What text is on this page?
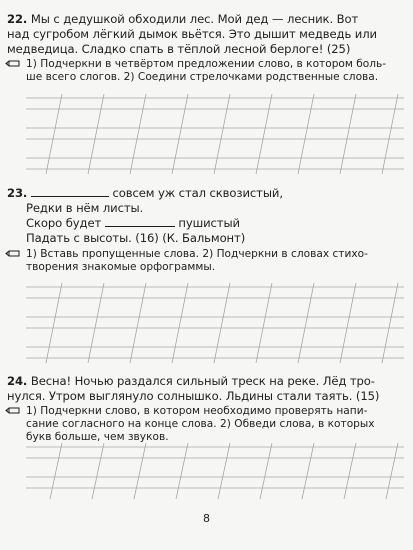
22. Мы с дедушкой обходили лес. Мой дед — лесник. Вот
над сугробом лёгкий дымок вьётся. Это дышит медведь или
медведица. Сладко спать в тёплой лесной берлоге! (25)
1) Подчеркни в четвёртом предложении слово, в котором боль-
ше всего слогов. 2) Соедини стрелочками родственные слова.
23.	совсем уж стал сквозистый,
Редки в нём листы.
Скоро будет	пушистый
Падать с высоты. (16) (К. Бальмонт)
1) Вставь пропущенные слова. 2) Подчеркни в словах стихо-
творения знакомые орфограммы.
24. Весна! Ночью раздался сильный треск на реке. Лёд тро-
нулся. Утром выглянуло солнышко. Льдины стали таять. (15)
1) Подчеркни слово, в котором необходимо проверять напи-
сание согласного на конце слова. 2) Обведи слова, в которых
букв больше, чем звуков.
8
